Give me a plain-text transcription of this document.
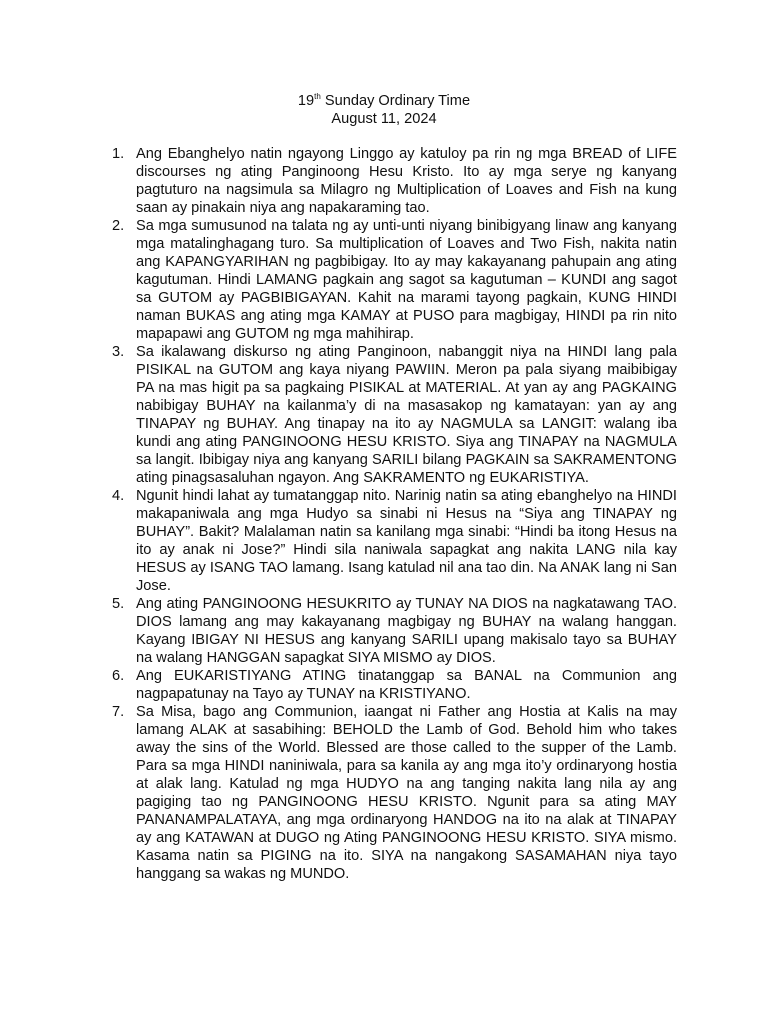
19th Sunday Ordinary Time
August 11, 2024
1. Ang Ebanghelyo natin ngayong Linggo ay katuloy pa rin ng mga BREAD of LIFE discourses ng ating Panginoong Hesu Kristo. Ito ay mga serye ng kanyang pagtuturo na nagsimula sa Milagro ng Multiplication of Loaves and Fish na kung saan ay pinakain niya ang napakaraming tao.
2. Sa mga sumusunod na talata ng ay unti-unti niyang binibigyang linaw ang kanyang mga matalinghagang turo. Sa multiplication of Loaves and Two Fish, nakita natin ang KAPANGYARIHAN ng pagbibigay. Ito ay may kakayanang pahupain ang ating kagutuman. Hindi LAMANG pagkain ang sagot sa kagutuman – KUNDI ang sagot sa GUTOM ay PAGBIBIGAYAN. Kahit na marami tayong pagkain, KUNG HINDI naman BUKAS ang ating mga KAMAY at PUSO para magbigay, HINDI pa rin nito mapapawi ang GUTOM ng mga mahihirap.
3. Sa ikalawang diskurso ng ating Panginoon, nabanggit niya na HINDI lang pala PISIKAL na GUTOM ang kaya niyang PAWIIN. Meron pa pala siyang maibibigay PA na mas higit pa sa pagkaing PISIKAL at MATERIAL. At yan ay ang PAGKAING nabibigay BUHAY na kailanma’y di na masasakop ng kamatayan: yan ay ang TINAPAY ng BUHAY. Ang tinapay na ito ay NAGMULA sa LANGIT: walang iba kundi ang ating PANGINOONG HESU KRISTO. Siya ang TINAPAY na NAGMULA sa langit. Ibibigay niya ang kanyang SARILI bilang PAGKAIN sa SAKRAMENTONG ating pinagsasaluhan ngayon. Ang SAKRAMENTO ng EUKARISTIYA.
4. Ngunit hindi lahat ay tumatanggap nito. Narinig natin sa ating ebanghelyo na HINDI makapaniwala ang mga Hudyo sa sinabi ni Hesus na “Siya ang TINAPAY ng BUHAY”. Bakit? Malalaman natin sa kanilang mga sinabi: “Hindi ba itong Hesus na ito ay anak ni Jose?” Hindi sila naniwala sapagkat ang nakita LANG nila kay HESUS ay ISANG TAO lamang. Isang katulad nil ana tao din. Na ANAK lang ni San Jose.
5. Ang ating PANGINOONG HESUKRITO ay TUNAY NA DIOS na nagkatawang TAO. DIOS lamang ang may kakayanang magbigay ng BUHAY na walang hanggan. Kayang IBIGAY NI HESUS ang kanyang SARILI upang makisalo tayo sa BUHAY na walang HANGGAN sapagkat SIYA MISMO ay DIOS.
6. Ang EUKARISTIYANG ATING tinatanggap sa BANAL na Communion ang nagpapatunay na Tayo ay TUNAY na KRISTIYANO.
7. Sa Misa, bago ang Communion, iaangat ni Father ang Hostia at Kalis na may lamang ALAK at sasabihing: BEHOLD the Lamb of God. Behold him who takes away the sins of the World. Blessed are those called to the supper of the Lamb. Para sa mga HINDI naniniwala, para sa kanila ay ang mga ito’y ordinaryong hostia at alak lang. Katulad ng mga HUDYO na ang tanging nakita lang nila ay ang pagiging tao ng PANGINOONG HESU KRISTO. Ngunit para sa ating MAY PANANAMPALATAYA, ang mga ordinaryong HANDOG na ito na alak at TINAPAY ay ang KATAWAN at DUGO ng Ating PANGINOONG HESU KRISTO. SIYA mismo. Kasama natin sa PIGING na ito. SIYA na nangakong SASAMAHAN niya tayo hanggang sa wakas ng MUNDO.
